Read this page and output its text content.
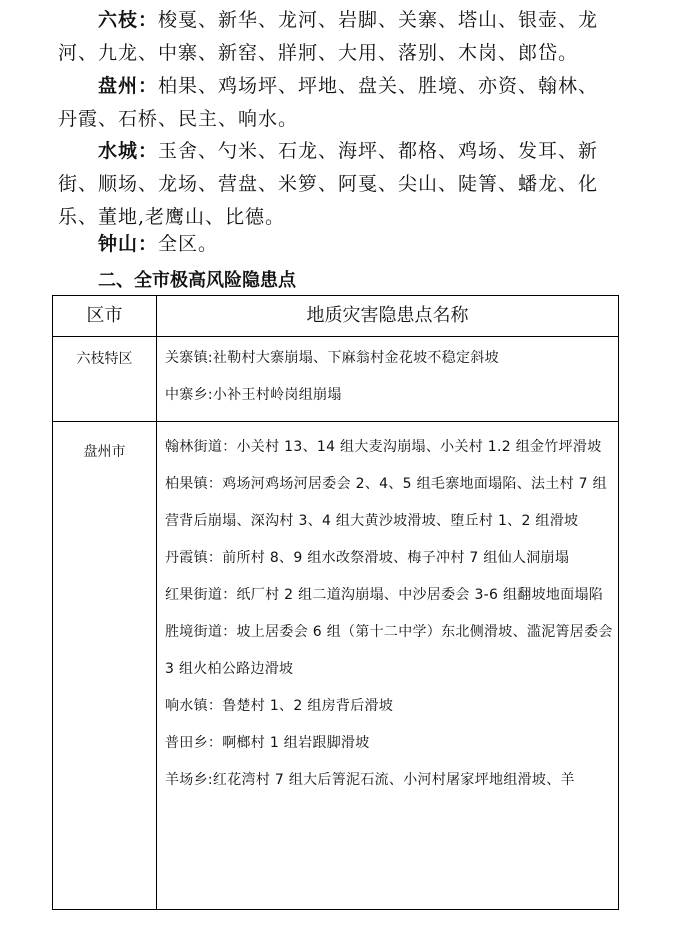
六枝：梭戛、新华、龙河、岩脚、关寨、塔山、银壶、龙河、九龙、中寨、新窑、牂牁、大用、落别、木岗、郎岱。
盘州：柏果、鸡场坪、坪地、盘关、胜境、亦资、翰林、丹霞、石桥、民主、响水。
水城：玉舍、勺米、石龙、海坪、都格、鸡场、发耳、新街、顺场、龙场、营盘、米箩、阿戛、尖山、陡箐、蟠龙、化乐、董地,老鹰山、比德。
钟山：全区。
二、全市极高风险隐患点
区市	地质灾害隐患点名称
六枝特区	关寨镇:社勒村大寨崩塌、下麻翁村金花坡不稳定斜坡
中寨乡:小补王村岭岗组崩塌
盘州市	翰林街道：小关村 13、14 组大麦沟崩塌、小关村 1.2 组金竹坪滑坡
柏果镇：鸡场河鸡场河居委会 2、4、5 组毛寨地面塌陷、法土村 7 组营背后崩塌、深沟村 3、4 组大黄沙坡滑坡、堕丘村 1、2 组滑坡
丹霞镇：前所村 8、9 组水改祭滑坡、梅子冲村 7 组仙人洞崩塌
红果街道：纸厂村 2 组二道沟崩塌、中沙居委会 3-6 组翻坡地面塌陷
胜境街道：坡上居委会 6 组（第十二中学）东北侧滑坡、滥泥箐居委会 3 组火柏公路边滑坡
响水镇：鲁楚村 1、2 组房背后滑坡
普田乡：啊榔村 1 组岩跟脚滑坡
羊场乡:红花湾村 7 组大后箐泥石流、小河村屠家坪地组滑坡、羊
